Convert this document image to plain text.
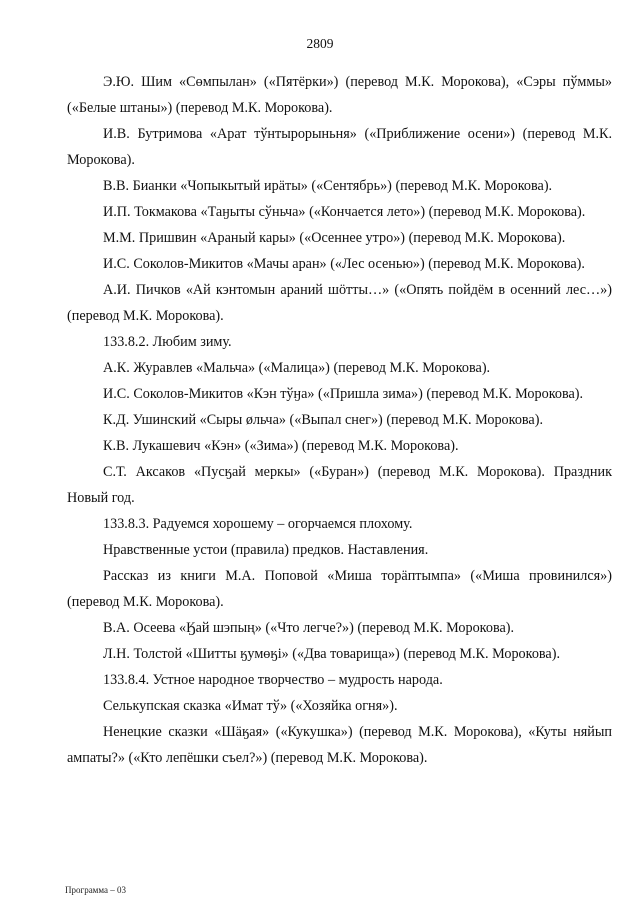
2809

Э.Ю. Шим «Сөмпылан» («Пятёрки») (перевод М.К. Морокова), «Сэры пўммы» («Белые штаны») (перевод М.К. Морокова).

И.В. Бутримова «Арат тўнтырорыньня» («Приближение осени») (перевод М.К. Морокова).

В.В. Бианки «Чопыкытый ирäты» («Сентябрь») (перевод М.К. Морокова).

И.П. Токмакова «Таӈыты сўньча» («Кончается лето») (перевод М.К. Морокова).

М.М. Пришвин «Араный кары» («Осеннее утро») (перевод М.К. Морокова).

И.С. Соколов-Микитов «Мачы аран» («Лес осенью») (перевод М.К. Морокова).

А.И. Пичков «Ай кэнтомын араний шöтты…» («Опять пойдём в осенний лес…») (перевод М.К. Морокова).

133.8.2. Любим зиму.

А.К. Журавлев «Мальча» («Малица») (перевод М.К. Морокова).

И.С. Соколов-Микитов «Кэн тўӈа» («Пришла зима») (перевод М.К. Морокова).

К.Д. Ушинский «Сыры øльча» («Выпал снег») (перевод М.К. Морокова).

К.В. Лукашевич «Кэн» («Зима») (перевод М.К. Морокова).

С.Т. Аксаков «Пусӄай меркы» («Буран») (перевод М.К. Морокова). Праздник Новый год.

133.8.3. Радуемся хорошему – огорчаемся плохому.

Нравственные устои (правила) предков. Наставления.

Рассказ из книги М.А. Поповой «Миша торäптымпа» («Миша провинился») (перевод М.К. Морокова).

В.А. Осеева «Ӄай шэпың» («Что легче?») (перевод М.К. Морокова).

Л.Н. Толстой «Шитты ӄумөӄі» («Два товарища») (перевод М.К. Морокова).

133.8.4. Устное народное творчество – мудрость народа.

Селькупская сказка «Имат тў» («Хозяйка огня»).

Ненецкие сказки «Шäӄая» («Кукушка») (перевод М.К. Морокова), «Куты няйып ампаты?» («Кто лепёшки съел?») (перевод М.К. Морокова).

Программа – 03
